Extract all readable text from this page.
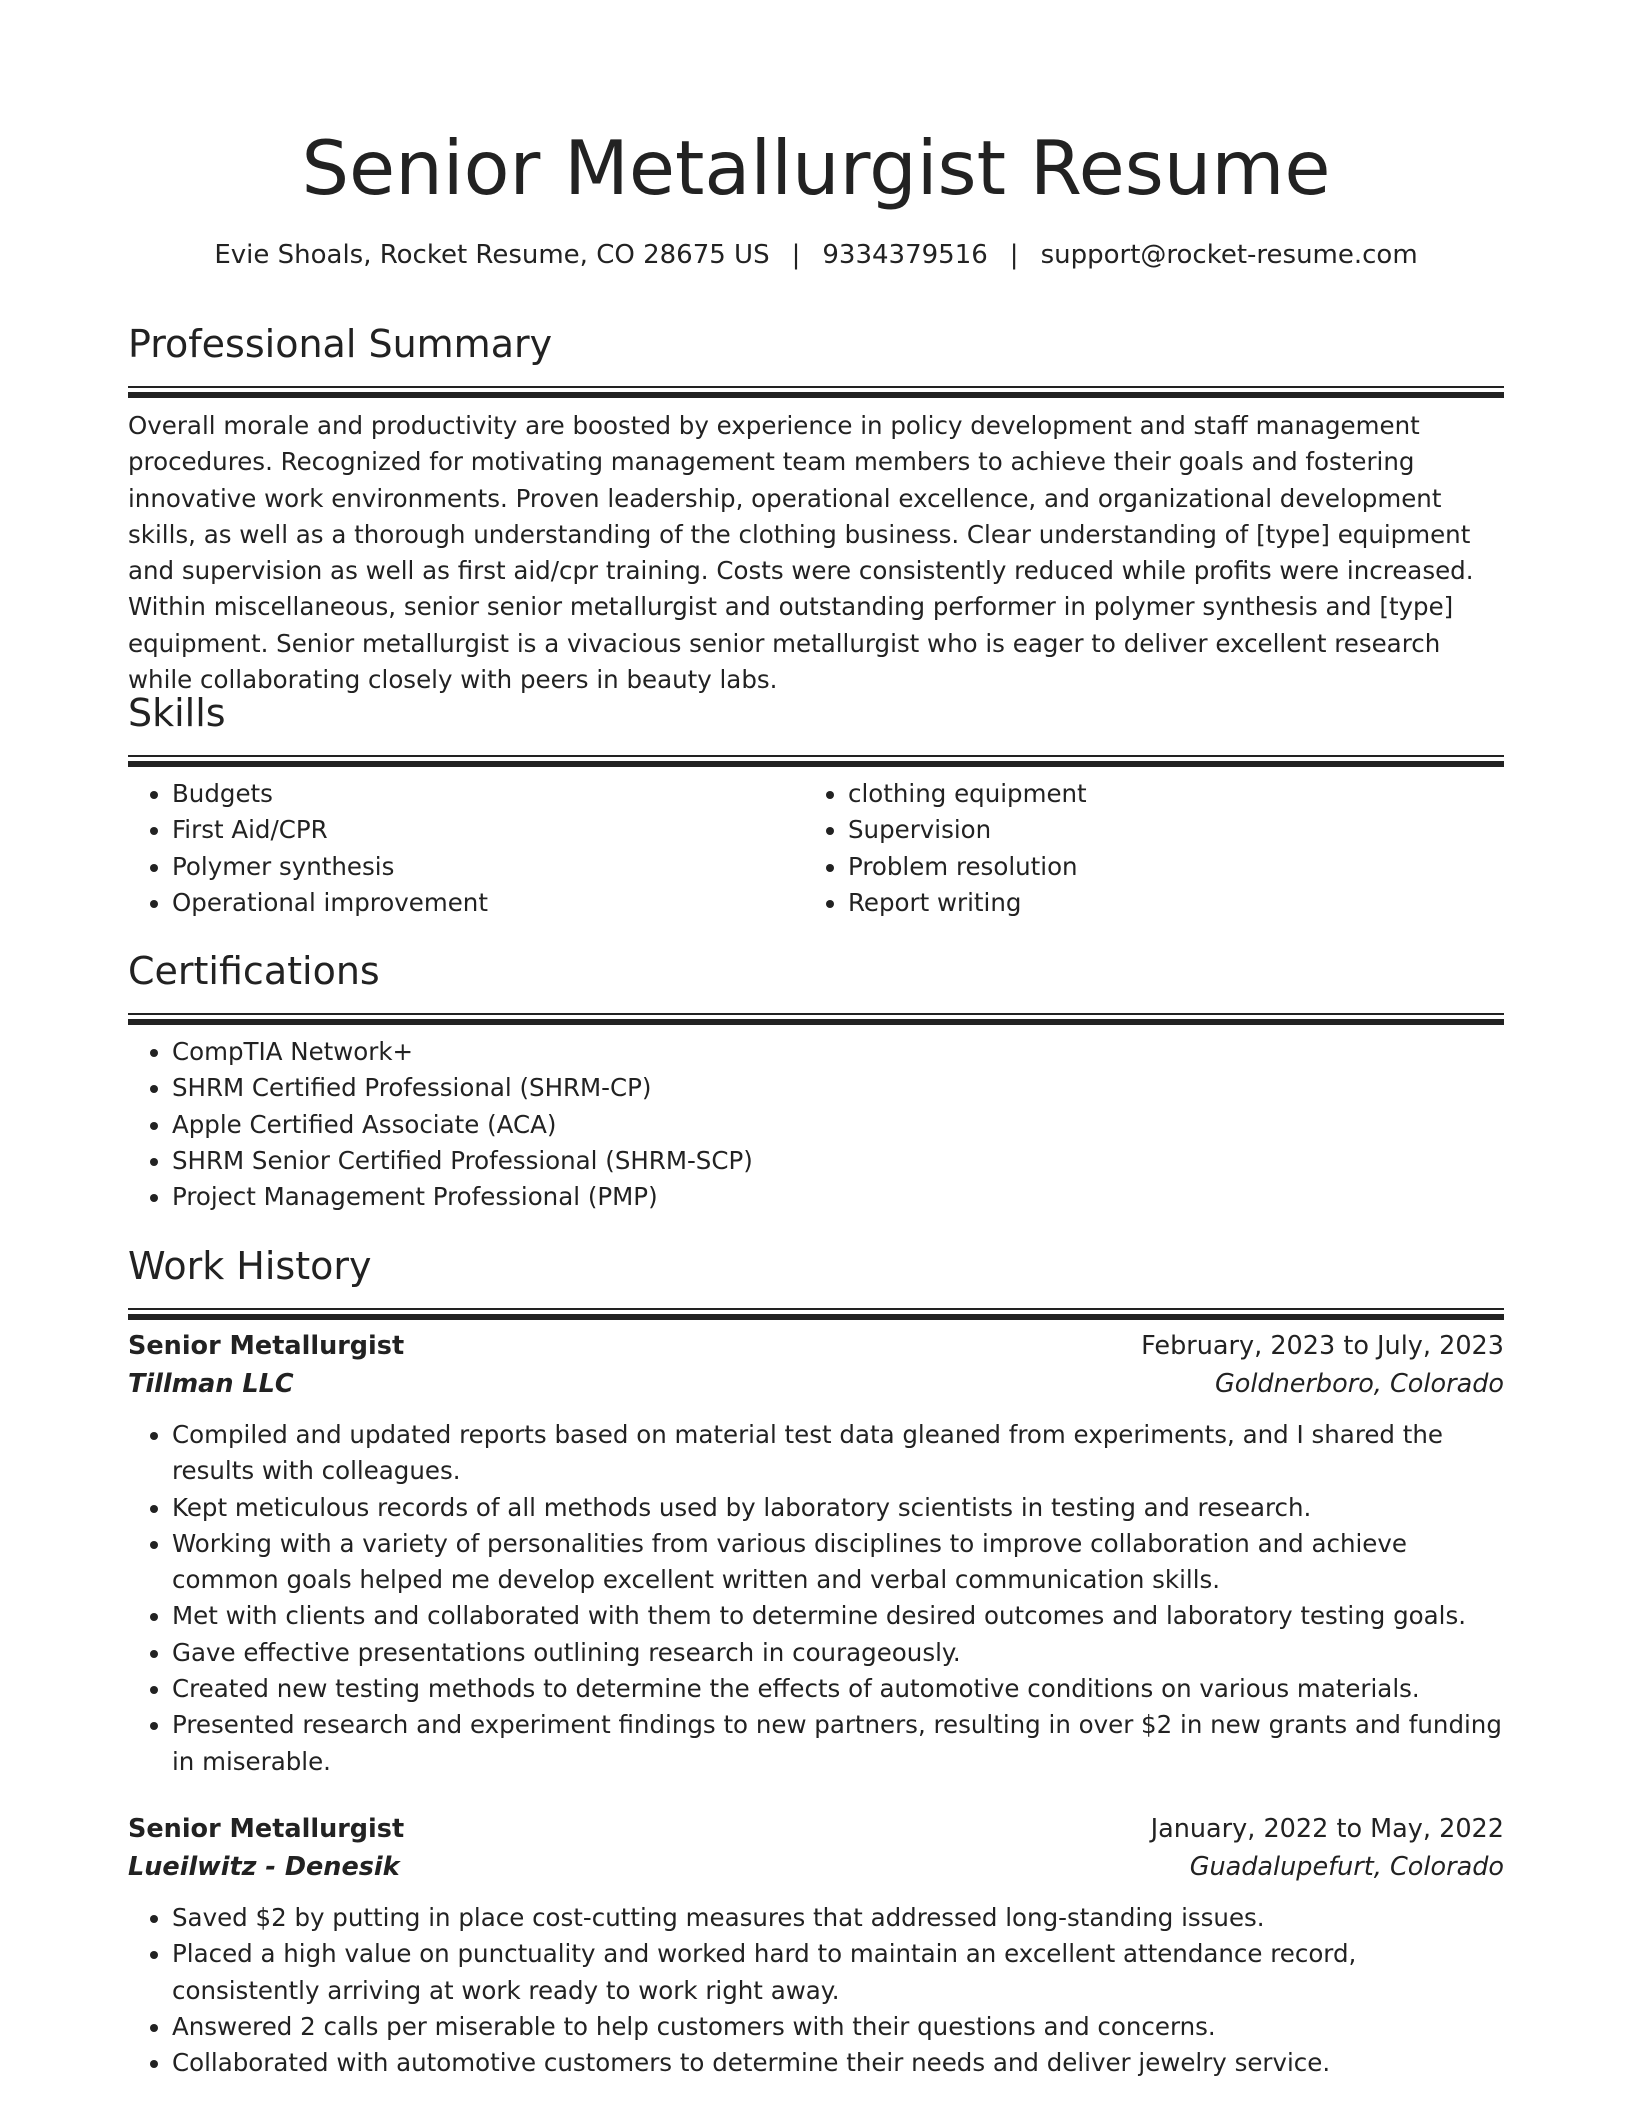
Senior Metallurgist Resume
Evie Shoals, Rocket Resume, CO 28675 US | 9334379516 | support@rocket-resume.com
Professional Summary

Overall morale and productivity are boosted by experience in policy development and staff management procedures. Recognized for motivating management team members to achieve their goals and fostering innovative work environments. Proven leadership, operational excellence, and organizational development skills, as well as a thorough understanding of the clothing business. Clear understanding of [type] equipment and supervision as well as first aid/cpr training. Costs were consistently reduced while profits were increased. Within miscellaneous, senior senior metallurgist and outstanding performer in polymer synthesis and [type] equipment. Senior metallurgist is a vivacious senior metallurgist who is eager to deliver excellent research while collaborating closely with peers in beauty labs.

Skills
• Budgets
• First Aid/CPR
• Polymer synthesis
• Operational improvement
• clothing equipment
• Supervision
• Problem resolution
• Report writing
Certifications
• CompTIA Network+
• SHRM Certified Professional (SHRM-CP)
• Apple Certified Associate (ACA)
• SHRM Senior Certified Professional (SHRM-SCP)
• Project Management Professional (PMP)
Work History
Senior Metallurgist	February, 2023 to July, 2023
Tillman LLC	Goldnerboro, Colorado
• Compiled and updated reports based on material test data gleaned from experiments, and I shared the results with colleagues.
• Kept meticulous records of all methods used by laboratory scientists in testing and research.
• Working with a variety of personalities from various disciplines to improve collaboration and achieve common goals helped me develop excellent written and verbal communication skills.
• Met with clients and collaborated with them to determine desired outcomes and laboratory testing goals.
• Gave effective presentations outlining research in courageously.
• Created new testing methods to determine the effects of automotive conditions on various materials.
• Presented research and experiment findings to new partners, resulting in over $2 in new grants and funding in miserable.
Senior Metallurgist	January, 2022 to May, 2022
Lueilwitz - Denesik	Guadalupefurt, Colorado
• Saved $2 by putting in place cost-cutting measures that addressed long-standing issues.
• Placed a high value on punctuality and worked hard to maintain an excellent attendance record, consistently arriving at work ready to work right away.
• Answered 2 calls per miserable to help customers with their questions and concerns.
• Collaborated with automotive customers to determine their needs and deliver jewelry service.
